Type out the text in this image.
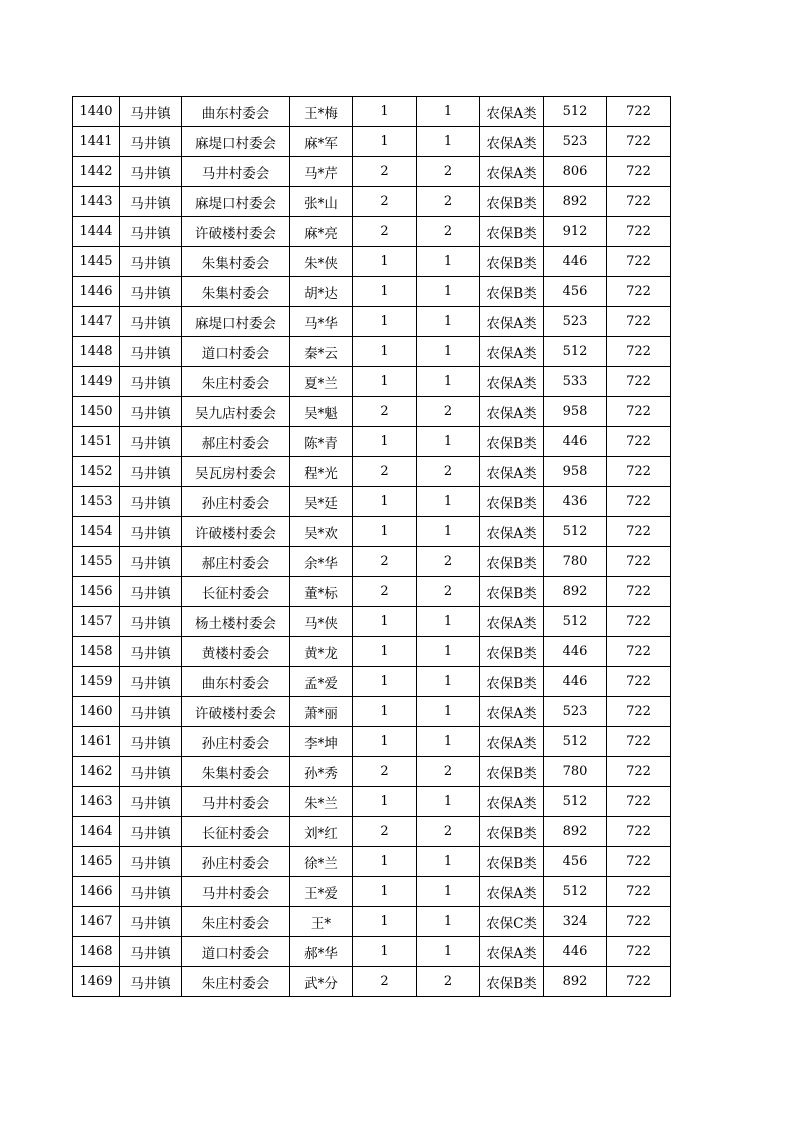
1440	马井镇	曲东村委会	王*梅	1	1	农保A类	512	722
1441	马井镇	麻堤口村委会	麻*军	1	1	农保A类	523	722
1442	马井镇	马井村委会	马*芹	2	2	农保A类	806	722
1443	马井镇	麻堤口村委会	张*山	2	2	农保B类	892	722
1444	马井镇	许破楼村委会	麻*亮	2	2	农保B类	912	722
1445	马井镇	朱集村委会	朱*侠	1	1	农保B类	446	722
1446	马井镇	朱集村委会	胡*达	1	1	农保B类	456	722
1447	马井镇	麻堤口村委会	马*华	1	1	农保A类	523	722
1448	马井镇	道口村委会	秦*云	1	1	农保A类	512	722
1449	马井镇	朱庄村委会	夏*兰	1	1	农保A类	533	722
1450	马井镇	吴九店村委会	吴*魁	2	2	农保A类	958	722
1451	马井镇	郝庄村委会	陈*青	1	1	农保B类	446	722
1452	马井镇	吴瓦房村委会	程*光	2	2	农保A类	958	722
1453	马井镇	孙庄村委会	吴*廷	1	1	农保B类	436	722
1454	马井镇	许破楼村委会	吴*欢	1	1	农保A类	512	722
1455	马井镇	郝庄村委会	余*华	2	2	农保B类	780	722
1456	马井镇	长征村委会	董*标	2	2	农保B类	892	722
1457	马井镇	杨土楼村委会	马*侠	1	1	农保A类	512	722
1458	马井镇	黄楼村委会	黄*龙	1	1	农保B类	446	722
1459	马井镇	曲东村委会	孟*爱	1	1	农保B类	446	722
1460	马井镇	许破楼村委会	萧*丽	1	1	农保A类	523	722
1461	马井镇	孙庄村委会	李*坤	1	1	农保A类	512	722
1462	马井镇	朱集村委会	孙*秀	2	2	农保B类	780	722
1463	马井镇	马井村委会	朱*兰	1	1	农保A类	512	722
1464	马井镇	长征村委会	刘*红	2	2	农保B类	892	722
1465	马井镇	孙庄村委会	徐*兰	1	1	农保B类	456	722
1466	马井镇	马井村委会	王*爱	1	1	农保A类	512	722
1467	马井镇	朱庄村委会	王*	1	1	农保C类	324	722
1468	马井镇	道口村委会	郝*华	1	1	农保A类	446	722
1469	马井镇	朱庄村委会	武*分	2	2	农保B类	892	722
